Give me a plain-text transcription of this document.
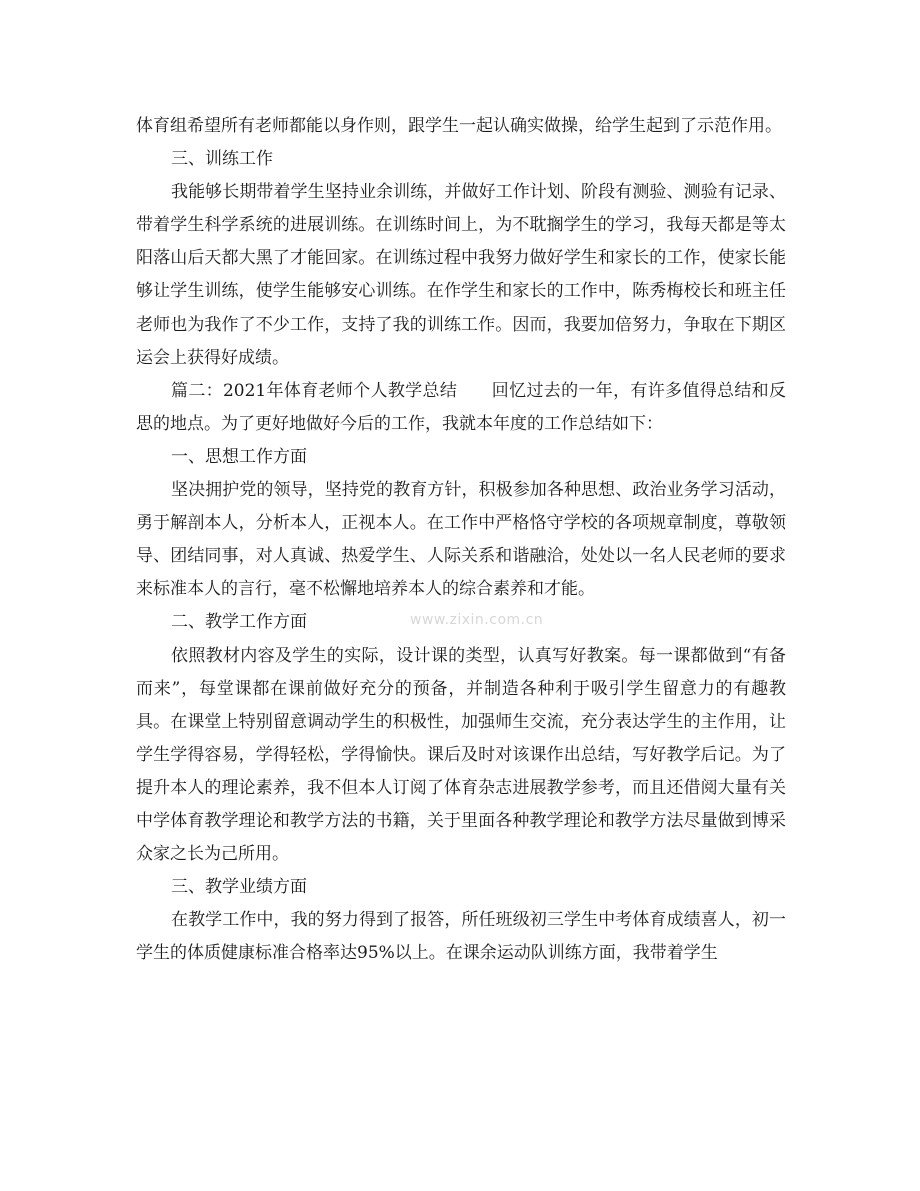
体育组希望所有老师都能以身作则，跟学生一起认确实做操，给学生起到了示范作用。

三、训练工作

我能够长期带着学生坚持业余训练，并做好工作计划、阶段有测验、测验有记录、带着学生科学系统的进展训练。在训练时间上，为不耽搁学生的学习，我每天都是等太阳落山后天都大黑了才能回家。在训练过程中我努力做好学生和家长的工作，使家长能够让学生训练，使学生能够安心训练。在作学生和家长的工作中，陈秀梅校长和班主任老师也为我作了不少工作，支持了我的训练工作。因而，我要加倍努力，争取在下期区运会上获得好成绩。

篇二：2021年体育老师个人教学总结　　回忆过去的一年，有许多值得总结和反思的地点。为了更好地做好今后的工作，我就本年度的工作总结如下：

一、思想工作方面

坚决拥护党的领导，坚持党的教育方针，积极参加各种思想、政治业务学习活动，勇于解剖本人，分析本人，正视本人。在工作中严格恪守学校的各项规章制度，尊敬领导、团结同事，对人真诚、热爱学生、人际关系和谐融洽，处处以一名人民老师的要求来标准本人的言行，毫不松懈地培养本人的综合素养和才能。

二、教学工作方面

依照教材内容及学生的实际，设计课的类型，认真写好教案。每一课都做到“有备而来”，每堂课都在课前做好充分的预备，并制造各种利于吸引学生留意力的有趣教具。在课堂上特别留意调动学生的积极性，加强师生交流，充分表达学生的主作用，让学生学得容易，学得轻松，学得愉快。课后及时对该课作出总结，写好教学后记。为了提升本人的理论素养，我不但本人订阅了体育杂志进展教学参考，而且还借阅大量有关中学体育教学理论和教学方法的书籍，关于里面各种教学理论和教学方法尽量做到博采众家之长为己所用。

三、教学业绩方面

在教学工作中，我的努力得到了报答，所任班级初三学生中考体育成绩喜人，初一学生的体质健康标准合格率达95%以上。在课余运动队训练方面，我带着学生

www.zixin.com.cn
